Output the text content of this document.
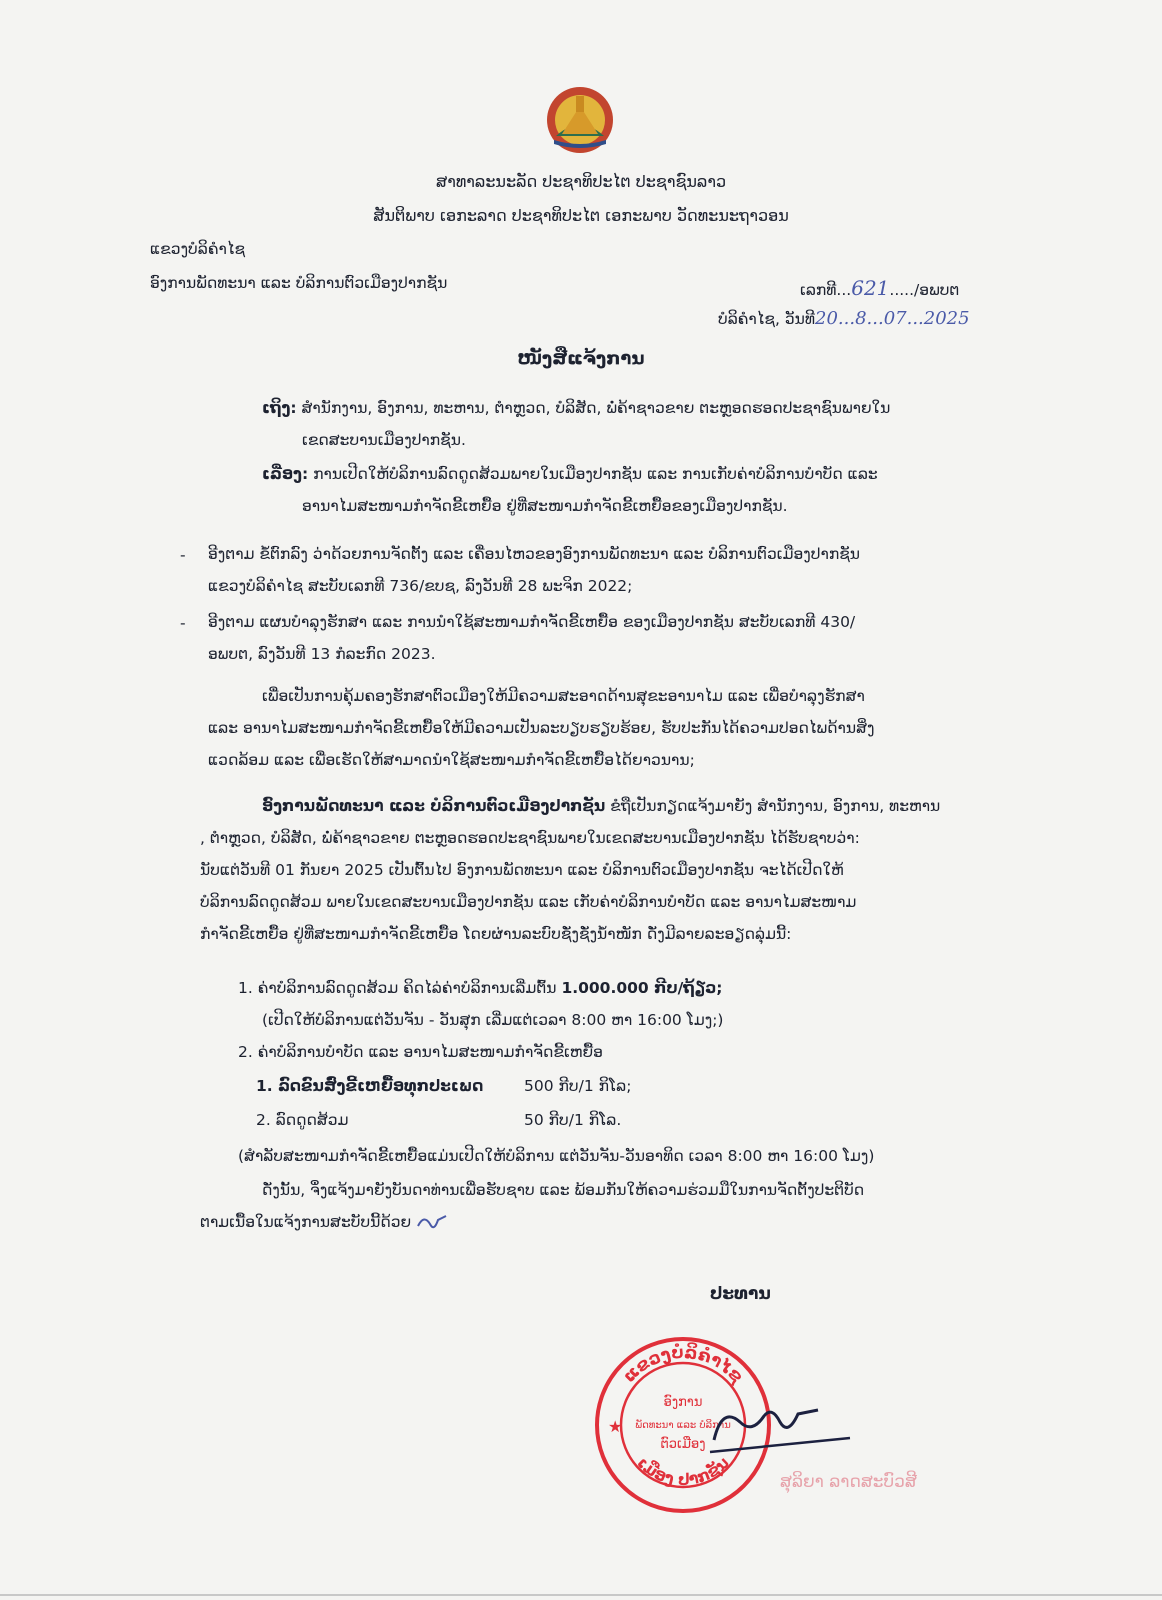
ສາທາລະນະລັດ ປະຊາທິປະໄຕ ປະຊາຊົນລາວ
ສັນຕິພາບ ເອກະລາດ ປະຊາທິປະໄຕ ເອກະພາບ ວັດທະນະຖາວອນ
ແຂວງບໍລິຄໍາໄຊ
ອົງການພັດທະນາ ແລະ ບໍລິການຕົວເມືອງປາກຊັນ	ເລກທີ...621...../ອພບຕ
ບໍລິຄໍາໄຊ, ວັນທີ20...8...07...2025
ໜັງສືແຈ້ງການ
ເຖິງ: ສໍານັກງານ, ອົງການ, ທະຫານ, ຕໍາຫຼວດ, ບໍລິສັດ, ພໍ່ຄ້າຊາວຂາຍ ຕະຫຼອດຮອດປະຊາຊົນພາຍໃນ
ເຂດສະບານເມືອງປາກຊັນ.
ເລື່ອງ: ການເປີດໃຫ້ບໍລິການລົດດູດສ້ວມພາຍໃນເມືອງປາກຊັນ ແລະ ການເກັບຄ່າບໍລິການບໍາບັດ ແລະ
ອານາໄມສະໜາມກໍາຈັດຂີ້ເຫຍື້ອ ຢູ່ທີ່ສະໜາມກໍາຈັດຂີ້ເຫຍື້ອຂອງເມືອງປາກຊັນ.
- ອີງຕາມ ຂໍ້ຕົກລົງ ວ່າດ້ວຍການຈັດຕັ້ງ ແລະ ເຄື່ອນໄຫວຂອງອົງການພັດທະນາ ແລະ ບໍລິການຕົວເມືອງປາກຊັນ
ແຂວງບໍລິຄໍາໄຊ ສະບັບເລກທີ 736/ຂບຊ, ລົງວັນທີ 28 ພະຈິກ 2022;
- ອີງຕາມ ແຜນບໍາລຸງຮັກສາ ແລະ ການນໍາໃຊ້ສະໜາມກໍາຈັດຂີ້ເຫຍື້ອ ຂອງເມືອງປາກຊັນ ສະບັບເລກທີ 430/
ອພບຕ, ລົງວັນທີ 13 ກໍລະກົດ 2023.
ເພື່ອເປັນການຄຸ້ມຄອງຮັກສາຕົວເມືອງໃຫ້ມີຄວາມສະອາດດ້ານສຸຂະອານາໄມ ແລະ ເພື່ອບໍາລຸງຮັກສາ
ແລະ ອານາໄມສະໜາມກໍາຈັດຂີ້ເຫຍື້ອໃຫ້ມີຄວາມເປັນລະບຽບຮຽບຮ້ອຍ, ຮັບປະກັນໄດ້ຄວາມປອດໄພດ້ານສິ່ງ
ແວດລ້ອມ ແລະ ເພື່ອເຮັດໃຫ້ສາມາດນໍາໃຊ້ສະໜາມກໍາຈັດຂີ້ເຫຍື້ອໄດ້ຍາວນານ;
ອົງການພັດທະນາ ແລະ ບໍລິການຕົວເມືອງປາກຊັນ ຂໍຖືເປັນກຽດແຈ້ງມາຍັງ ສໍານັກງານ, ອົງການ, ທະຫານ
, ຕໍາຫຼວດ, ບໍລິສັດ, ພໍ່ຄ້າຊາວຂາຍ ຕະຫຼອດຮອດປະຊາຊົນພາຍໃນເຂດສະບານເມືອງປາກຊັນ ໄດ້ຮັບຊາບວ່າ:
ນັບແຕ່ວັນທີ 01 ກັນຍາ 2025 ເປັນຕົ້ນໄປ ອົງການພັດທະນາ ແລະ ບໍລິການຕົວເມືອງປາກຊັນ ຈະໄດ້ເປີດໃຫ້
ບໍລິການລົດດູດສ້ວມ ພາຍໃນເຂດສະບານເມືອງປາກຊັນ ແລະ ເກັບຄ່າບໍລິການບໍາບັດ ແລະ ອານາໄມສະໜາມ
ກໍາຈັດຂີ້ເຫຍື້ອ ຢູ່ທີ່ສະໜາມກໍາຈັດຂີ້ເຫຍື້ອ ໂດຍຜ່ານລະບົບຊັ່ງຊັ່ງນໍ້າໜັກ ດັ່ງມີລາຍລະອຽດລຸ່ມນີ້:
1. ຄ່າບໍລິການລົດດູດສ້ວມ ຄິດໄລ່ຄ່າບໍລິການເລີ່ມຕົ້ນ 1.000.000 ກີບ/ຖ້ຽວ;
(ເປີດໃຫ້ບໍລິການແຕ່ວັນຈັນ - ວັນສຸກ ເລີ່ມແຕ່ເວລາ 8:00 ຫາ 16:00 ໂມງ;)
2. ຄ່າບໍລິການບໍາບັດ ແລະ ອານາໄມສະໜາມກໍາຈັດຂີ້ເຫຍື້ອ
1. ລົດຂົນສົ່ງຂີ້ເຫຍື້ອທຸກປະເພດ	500 ກີບ/1 ກິໂລ;
2. ລົດດູດສ້ວມ	50 ກີບ/1 ກິໂລ.
(ສໍາລັບສະໜາມກໍາຈັດຂີ້ເຫຍື້ອແມ່ນເປີດໃຫ້ບໍລິການ ແຕ່ວັນຈັນ-ວັນອາທິດ ເວລາ 8:00 ຫາ 16:00 ໂມງ)
ດັ່ງນັ້ນ, ຈຶ່ງແຈ້ງມາຍັງບັນດາທ່ານເພື່ອຮັບຊາບ ແລະ ພ້ອມກັນໃຫ້ຄວາມຮ່ວມມືໃນການຈັດຕັ້ງປະຕິບັດ
ຕາມເນື້ອໃນແຈ້ງການສະບັບນີ້ດ້ວຍ
ປະທານ
ແຂວງບໍລິຄໍາໄຊ
ເມືອງ ປາກຊັນ
ອົງການ
ພັດທະນາ ແລະ ບໍລິການ
ຕົວເມືອງ
★
ສຸລິຍາ ລາດສະບົວສີ
